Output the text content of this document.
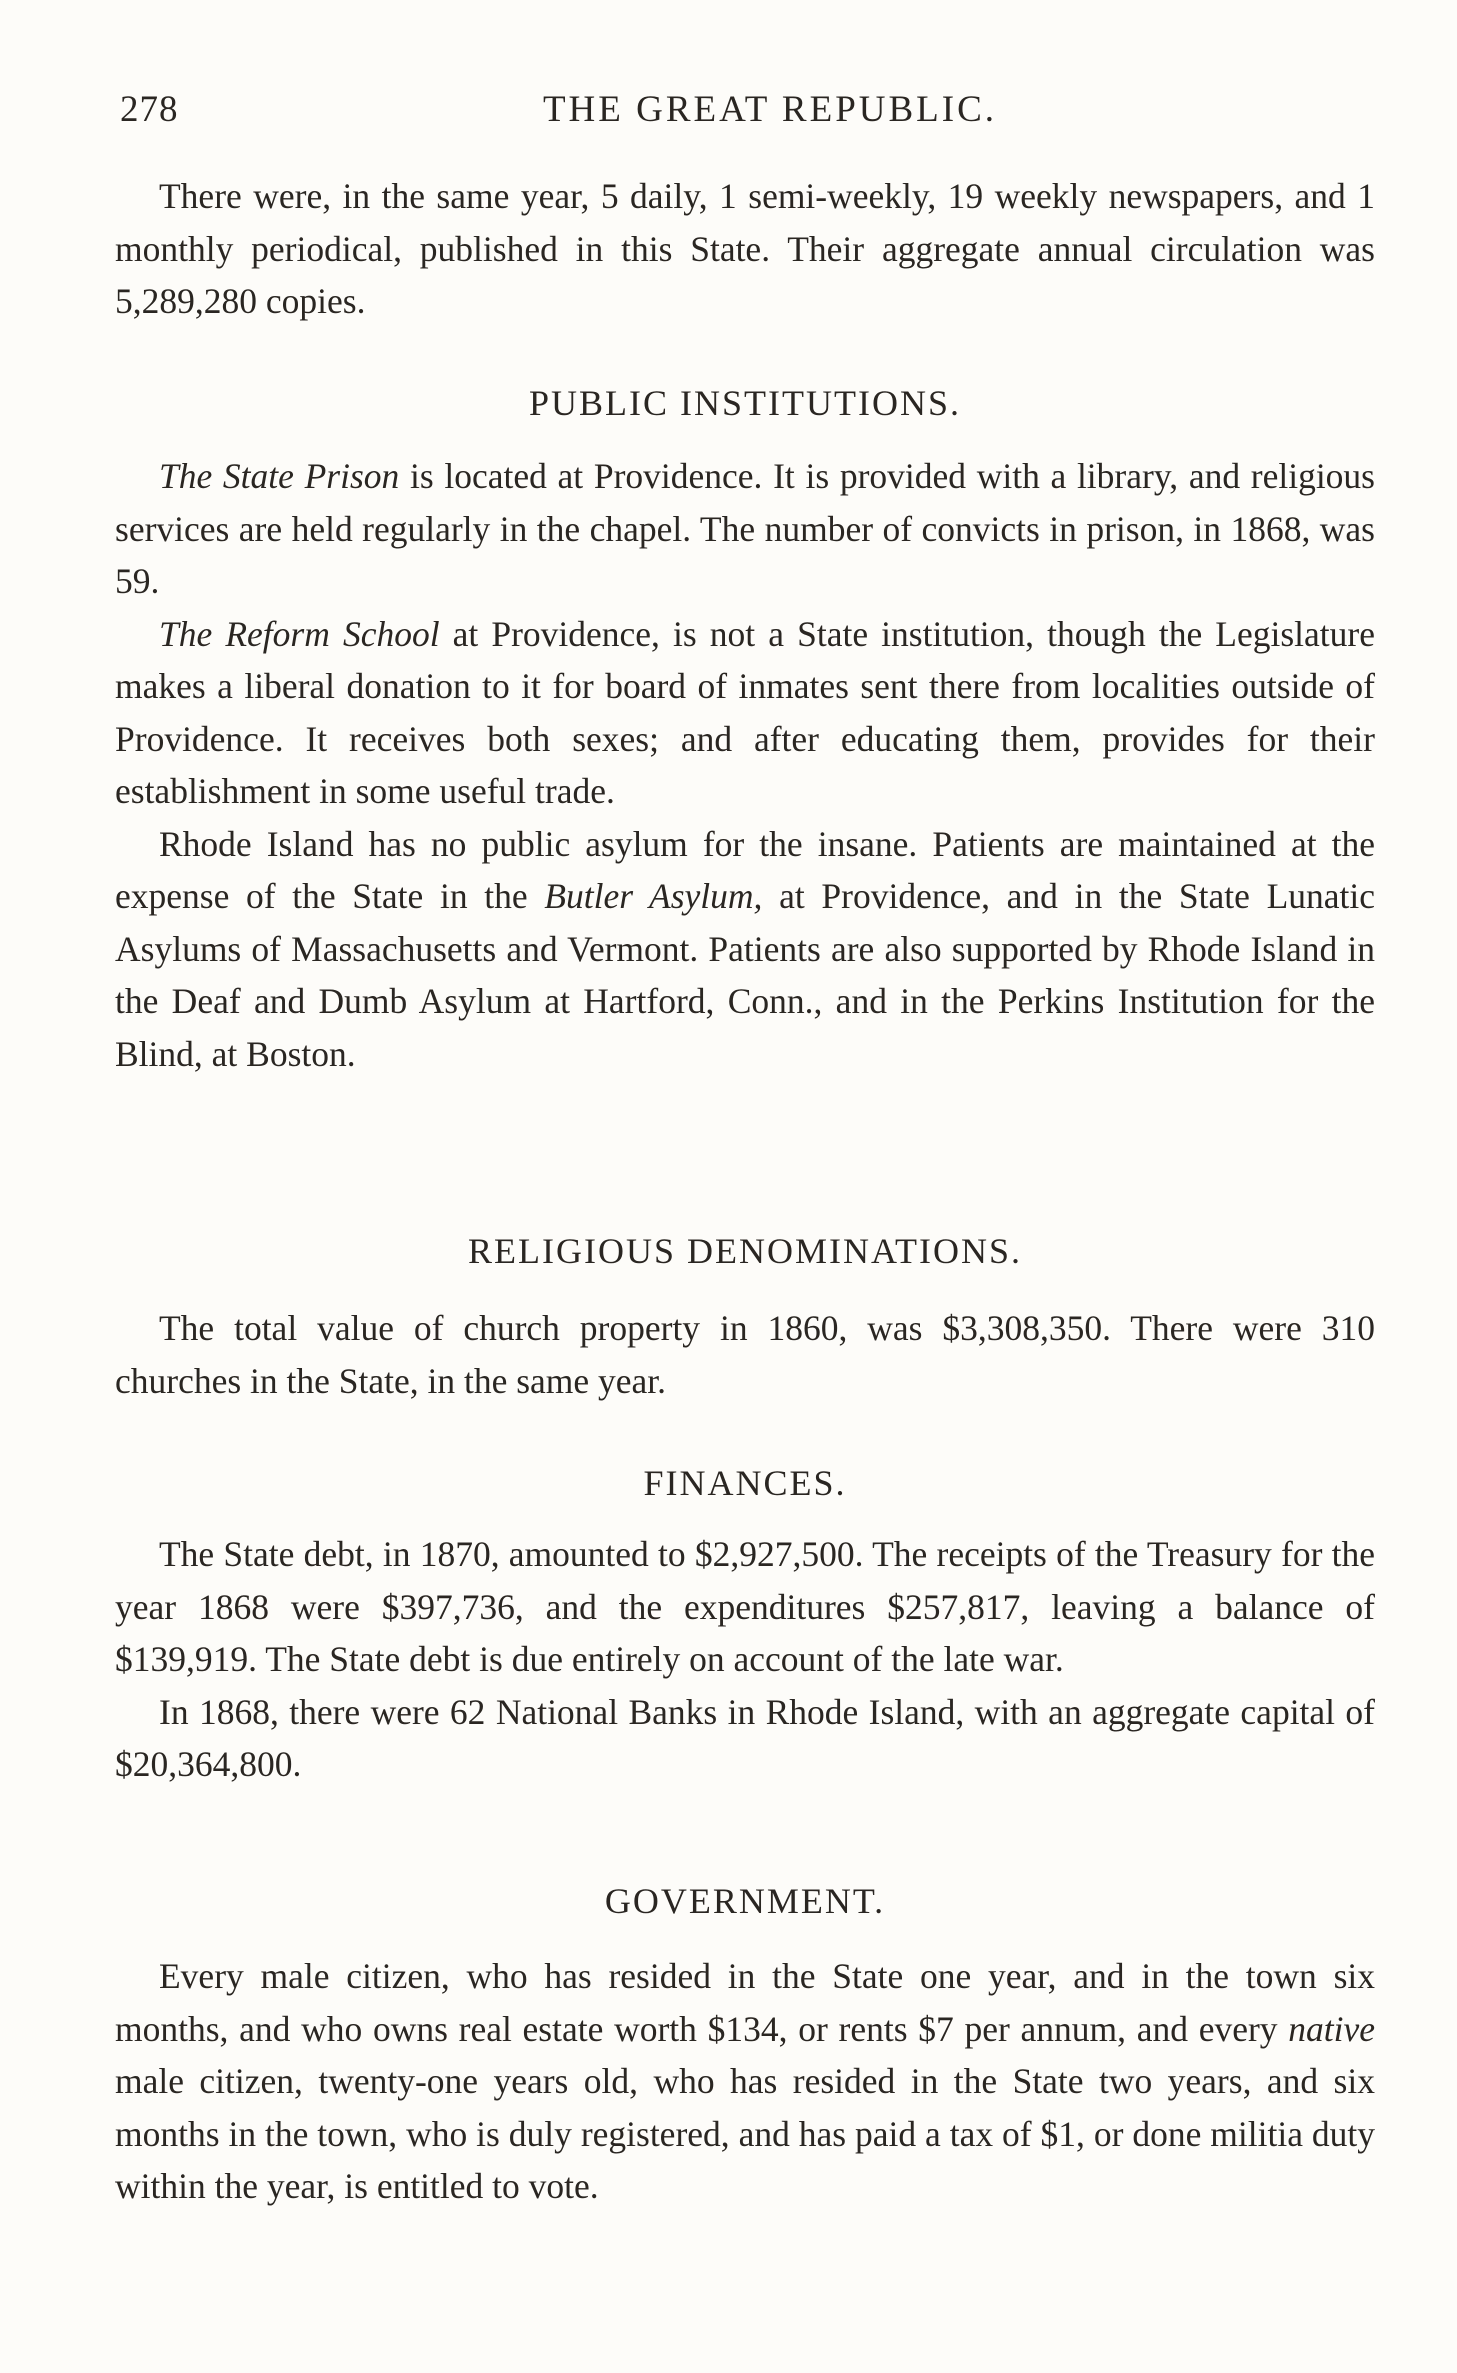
278	THE GREAT REPUBLIC.

There were, in the same year, 5 daily, 1 semi-weekly, 19 weekly newspapers, and 1 monthly periodical, published in this State. Their aggregate annual circulation was 5,289,280 copies.

PUBLIC INSTITUTIONS.

The State Prison is located at Providence. It is provided with a library, and religious services are held regularly in the chapel. The number of convicts in prison, in 1868, was 59.

The Reform School at Providence, is not a State institution, though the Legislature makes a liberal donation to it for board of inmates sent there from localities outside of Providence. It receives both sexes; and after educating them, provides for their establishment in some useful trade.

Rhode Island has no public asylum for the insane. Patients are maintained at the expense of the State in the Butler Asylum, at Providence, and in the State Lunatic Asylums of Massachusetts and Vermont. Patients are also supported by Rhode Island in the Deaf and Dumb Asylum at Hartford, Conn., and in the Perkins Institution for the Blind, at Boston.

RELIGIOUS DENOMINATIONS.

The total value of church property in 1860, was $3,308,350. There were 310 churches in the State, in the same year.

FINANCES.

The State debt, in 1870, amounted to $2,927,500. The receipts of the Treasury for the year 1868 were $397,736, and the expenditures $257,817, leaving a balance of $139,919. The State debt is due entirely on account of the late war.

In 1868, there were 62 National Banks in Rhode Island, with an aggregate capital of $20,364,800.

GOVERNMENT.

Every male citizen, who has resided in the State one year, and in the town six months, and who owns real estate worth $134, or rents $7 per annum, and every native male citizen, twenty-one years old, who has resided in the State two years, and six months in the town, who is duly registered, and has paid a tax of $1, or done militia duty within the year, is entitled to vote.
